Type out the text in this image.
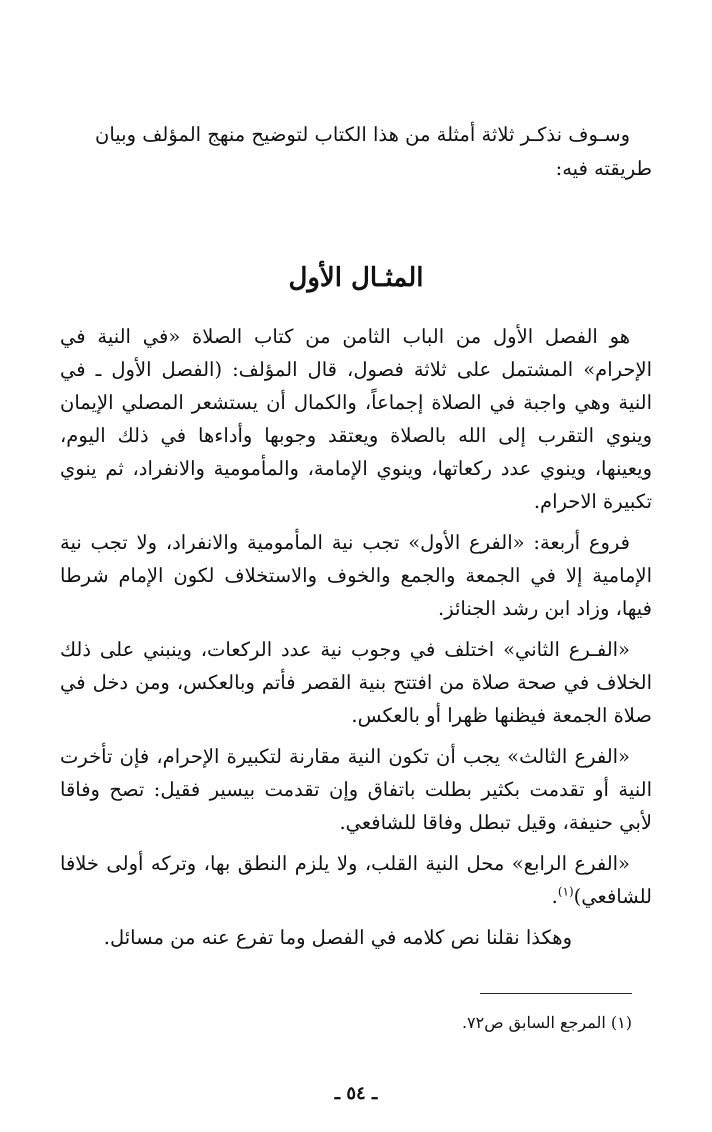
وسـوف نذكـر ثلاثة أمثلة من هذا الكتاب لتوضيح منهج المؤلف وبيان طريقته فيه:

المثـال الأول

هو الفصل الأول من الباب الثامن من كتاب الصلاة «في النية في الإحرام» المشتمل على ثلاثة فصول، قال المؤلف: (الفصل الأول ـ في النية وهي واجبة في الصلاة إجماعاً، والكمال أن يستشعر المصلي الإيمان وينوي التقرب إلى الله بالصلاة ويعتقد وجوبها وأداءها في ذلك اليوم، ويعينها، وينوي عدد ركعاتها، وينوي الإمامة، والمأمومية والانفراد، ثم ينوي تكبيرة الاحرام.

فروع أربعة: «الفرع الأول» تجب نية المأمومية والانفراد، ولا تجب نية الإمامية إلا في الجمعة والجمع والخوف والاستخلاف لكون الإمام شرطا فيها، وزاد ابن رشد الجنائز.

«الفـرع الثاني» اختلف في وجوب نية عدد الركعات، وينبني على ذلك الخلاف في صحة صلاة من افتتح بنية القصر فأتم وبالعكس، ومن دخل في صلاة الجمعة فيظنها ظهرا أو بالعكس.

«الفرع الثالث» يجب أن تكون النية مقارنة لتكبيرة الإحرام، فإن تأخرت النية أو تقدمت بكثير بطلت باتفاق وإن تقدمت بيسير فقيل: تصح وفاقا لأبي حنيفة، وقيل تبطل وفاقا للشافعي.

«الفرع الرابع» محل النية القلب، ولا يلزم النطق بها، وتركه أولى خلافا للشافعي)$^{(١)}$.

وهكذا نقلنا نص كلامه في الفصل وما تفرع عنه من مسائل.

(١) المرجع السابق ص٧٢.
ـ ٥٤ ـ
